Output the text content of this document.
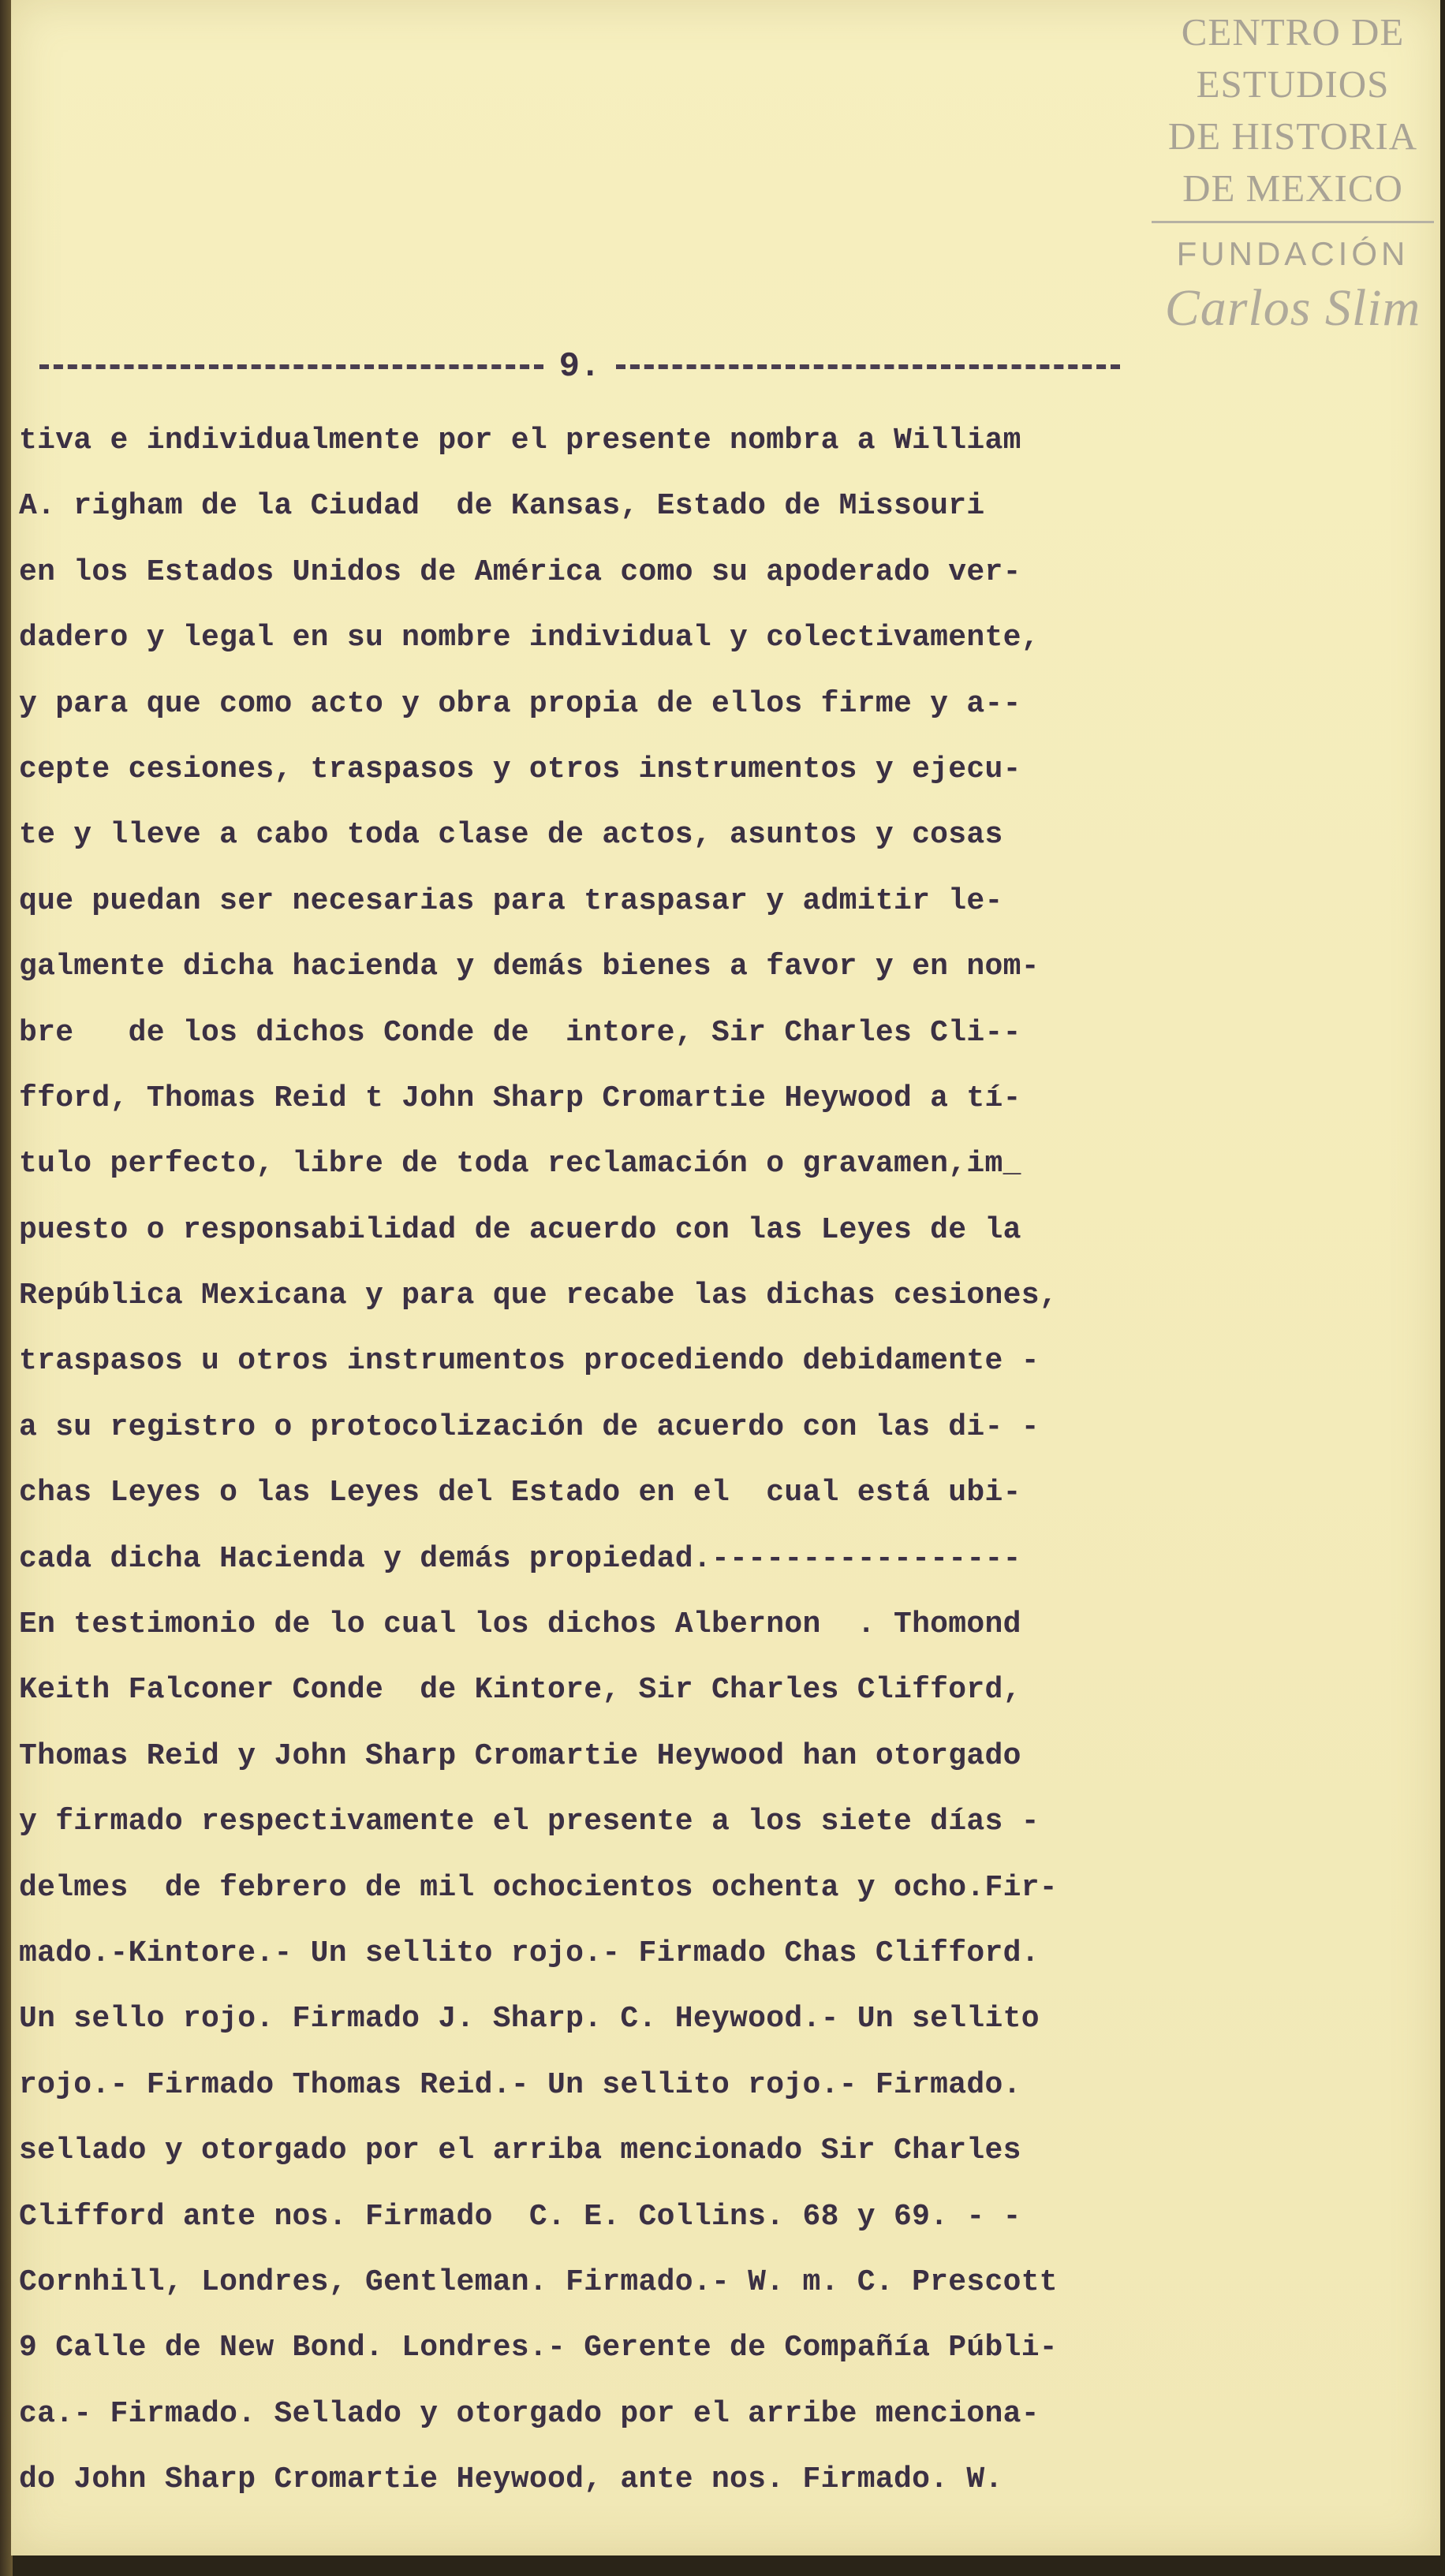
CENTRO DE
ESTUDIOS
DE HISTORIA
DE MEXICO
FUNDACIÓN
Carlos Slim
9.
tiva e individualmente por el presente nombra a William
A. righam de la Ciudad  de Kansas, Estado de Missouri
en los Estados Unidos de América como su apoderado ver-
dadero y legal en su nombre individual y colectivamente,
y para que como acto y obra propia de ellos firme y a--
cepte cesiones, traspasos y otros instrumentos y ejecu-
te y lleve a cabo toda clase de actos, asuntos y cosas
que puedan ser necesarias para traspasar y admitir le-
galmente dicha hacienda y demás bienes a favor y en nom-
bre   de los dichos Conde de  intore, Sir Charles Cli--
fford, Thomas Reid t John Sharp Cromartie Heywood a tí-
tulo perfecto, libre de toda reclamación o gravamen,im_
puesto o responsabilidad de acuerdo con las Leyes de la
República Mexicana y para que recabe las dichas cesiones,
traspasos u otros instrumentos procediendo debidamente -
a su registro o protocolización de acuerdo con las di- -
chas Leyes o las Leyes del Estado en el  cual está ubi-
cada dicha Hacienda y demás propiedad.-----------------
En testimonio de lo cual los dichos Albernon  . Thomond
Keith Falconer Conde  de Kintore, Sir Charles Clifford,
Thomas Reid y John Sharp Cromartie Heywood han otorgado
y firmado respectivamente el presente a los siete días -
delmes  de febrero de mil ochocientos ochenta y ocho.Fir-
mado.-Kintore.- Un sellito rojo.- Firmado Chas Clifford.
Un sello rojo. Firmado J. Sharp. C. Heywood.- Un sellito
rojo.- Firmado Thomas Reid.- Un sellito rojo.- Firmado.
sellado y otorgado por el arriba mencionado Sir Charles
Clifford ante nos. Firmado  C. E. Collins. 68 y 69. - -
Cornhill, Londres, Gentleman. Firmado.- W. m. C. Prescott
9 Calle de New Bond. Londres.- Gerente de Compañía Públi-
ca.- Firmado. Sellado y otorgado por el arribe menciona-
do John Sharp Cromartie Heywood, ante nos. Firmado. W.
